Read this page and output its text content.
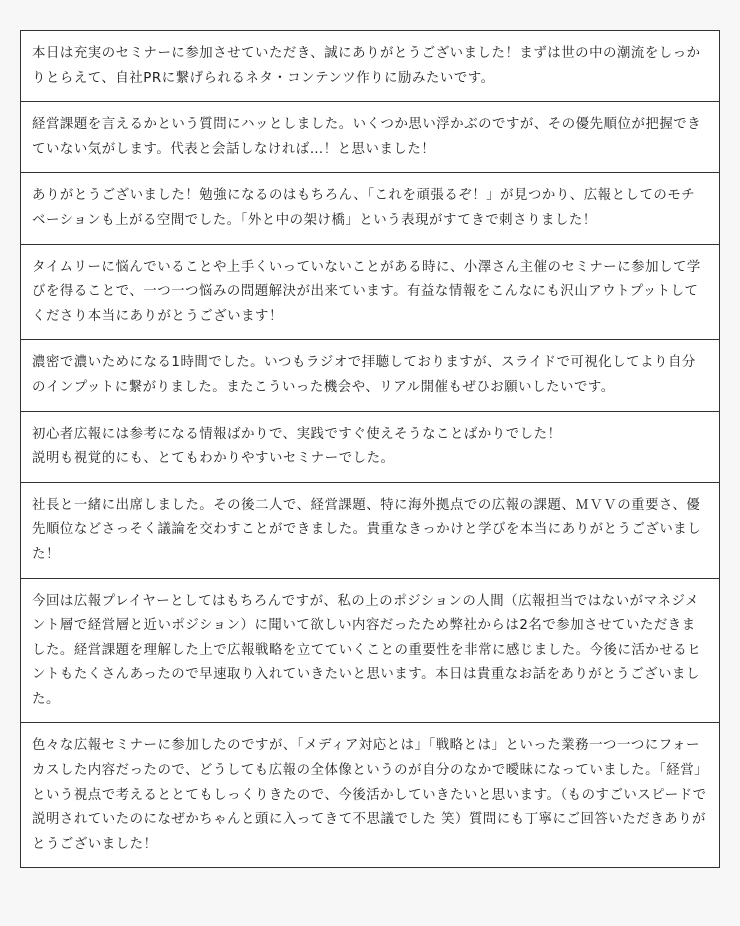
本日は充実のセミナーに参加させていただき、誠にありがとうございました！まずは世の中の潮流をしっかりとらえて、自社PRに繋げられるネタ・コンテンツ作りに励みたいです。
経営課題を言えるかという質問にハッとしました。いくつか思い浮かぶのですが、その優先順位が把握できていない気がします。代表と会話しなければ…！と思いました！
ありがとうございました！勉強になるのはもちろん、「これを頑張るぞ！」が見つかり、広報としてのモチベーションも上がる空間でした。「外と中の架け橋」という表現がすてきで刺さりました！
タイムリーに悩んでいることや上手くいっていないことがある時に、小澤さん主催のセミナーに参加して学びを得ることで、一つ一つ悩みの問題解決が出来ています。有益な情報をこんなにも沢山アウトプットしてくださり本当にありがとうございます！
濃密で濃いためになる1時間でした。いつもラジオで拝聴しておりますが、スライドで可視化してより自分のインプットに繋がりました。またこういった機会や、リアル開催もぜひお願いしたいです。
初心者広報には参考になる情報ばかりで、実践ですぐ使えそうなことばかりでした！
説明も視覚的にも、とてもわかりやすいセミナーでした。
社長と一緒に出席しました。その後二人で、経営課題、特に海外拠点での広報の課題、ＭＶＶの重要さ、優先順位などさっそく議論を交わすことができました。貴重なきっかけと学びを本当にありがとうございました！
今回は広報プレイヤーとしてはもちろんですが、私の上のポジションの人間（広報担当ではないがマネジメント層で経営層と近いポジション）に聞いて欲しい内容だったため弊社からは2名で参加させていただきました。経営課題を理解した上で広報戦略を立てていくことの重要性を非常に感じました。今後に活かせるヒントもたくさんあったので早速取り入れていきたいと思います。本日は貴重なお話をありがとうございました。
色々な広報セミナーに参加したのですが、「メディア対応とは」「戦略とは」といった業務一つ一つにフォーカスした内容だったので、どうしても広報の全体像というのが自分のなかで曖昧になっていました。「経営」という視点で考えるととてもしっくりきたので、今後活かしていきたいと思います。（ものすごいスピードで説明されていたのになぜかちゃんと頭に入ってきて不思議でした 笑）質問にも丁寧にご回答いただきありがとうございました！
